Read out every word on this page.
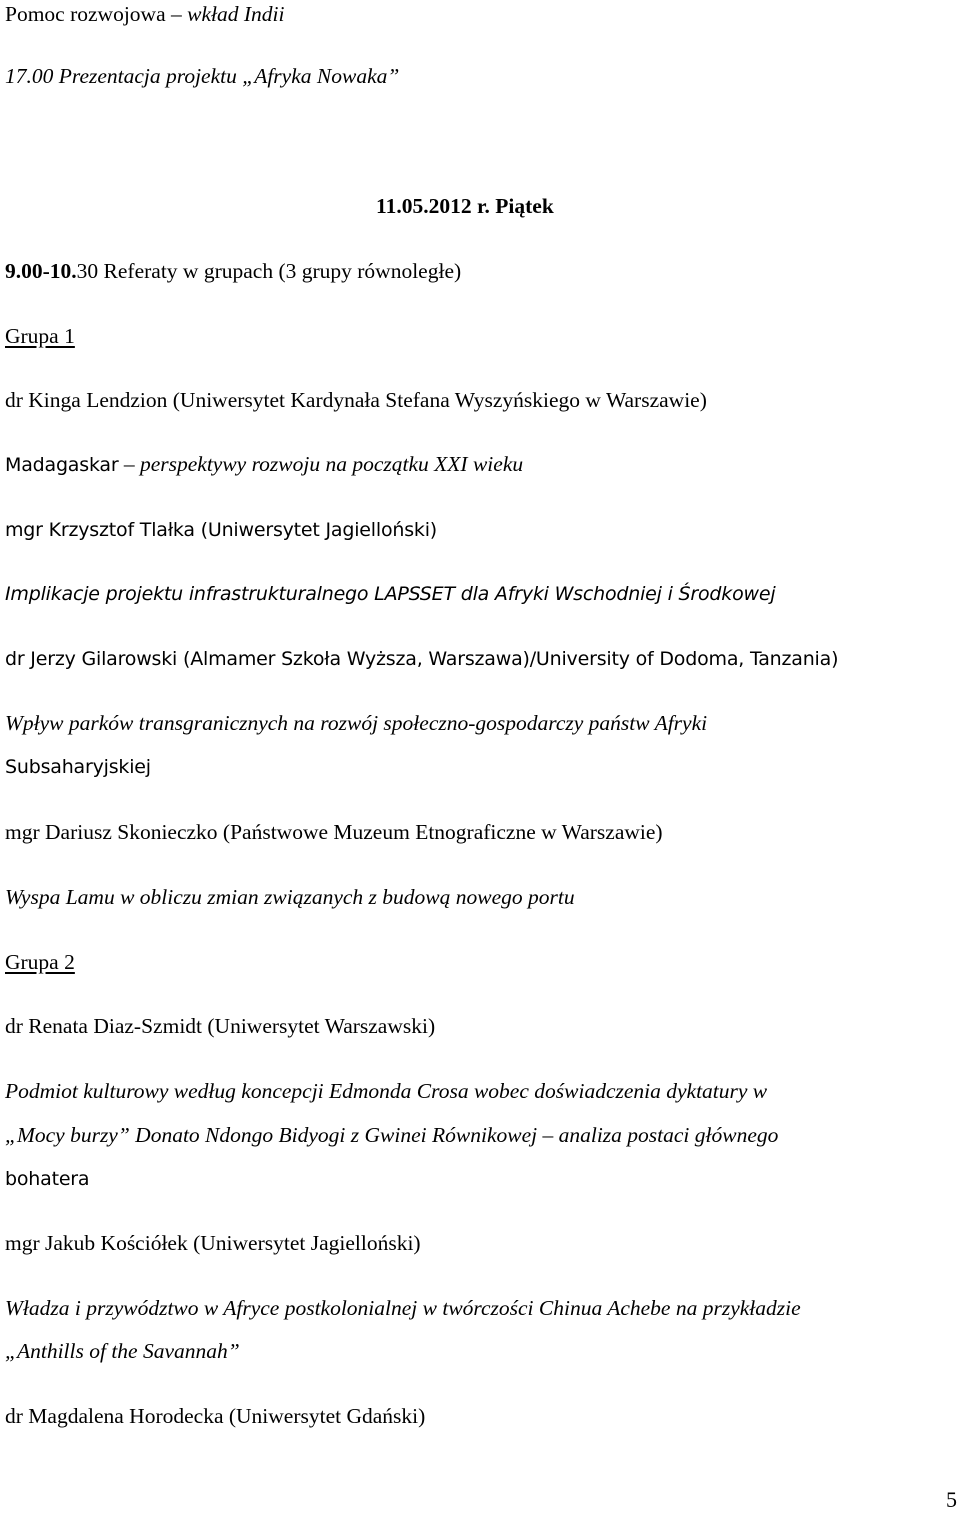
Pomoc rozwojowa – wkład Indii

17.00 Prezentacja projektu „Afryka Nowaka”

11.05.2012 r. Piątek

9.00-10.30 Referaty w grupach (3 grupy równoległe)

Grupa 1

dr Kinga Lendzion (Uniwersytet Kardynała Stefana Wyszyńskiego w Warszawie)

Madagaskar – perspektywy rozwoju na początku XXI wieku

mgr Krzysztof Tlałka (Uniwersytet Jagielloński)

Implikacje projektu infrastrukturalnego LAPSSET dla Afryki Wschodniej i Środkowej

dr Jerzy Gilarowski (Almamer Szkoła Wyższa, Warszawa)/University of Dodoma, Tanzania)

Wpływ parków transgranicznych na rozwój społeczno-gospodarczy państw Afryki

Subsaharyjskiej

mgr Dariusz Skonieczko (Państwowe Muzeum Etnograficzne w Warszawie)

Wyspa Lamu w obliczu zmian związanych z budową nowego portu

Grupa 2

dr Renata Diaz-Szmidt (Uniwersytet Warszawski)

Podmiot kulturowy według koncepcji Edmonda Crosa wobec doświadczenia dyktatury w

„Mocy burzy” Donato Ndongo Bidyogi z Gwinei Równikowej – analiza postaci głównego

bohatera

mgr Jakub Kościółek (Uniwersytet Jagielloński)

Władza i przywództwo w Afryce postkolonialnej w twórczości Chinua Achebe na przykładzie

„Anthills of the Savannah”

dr Magdalena Horodecka (Uniwersytet Gdański)

5
